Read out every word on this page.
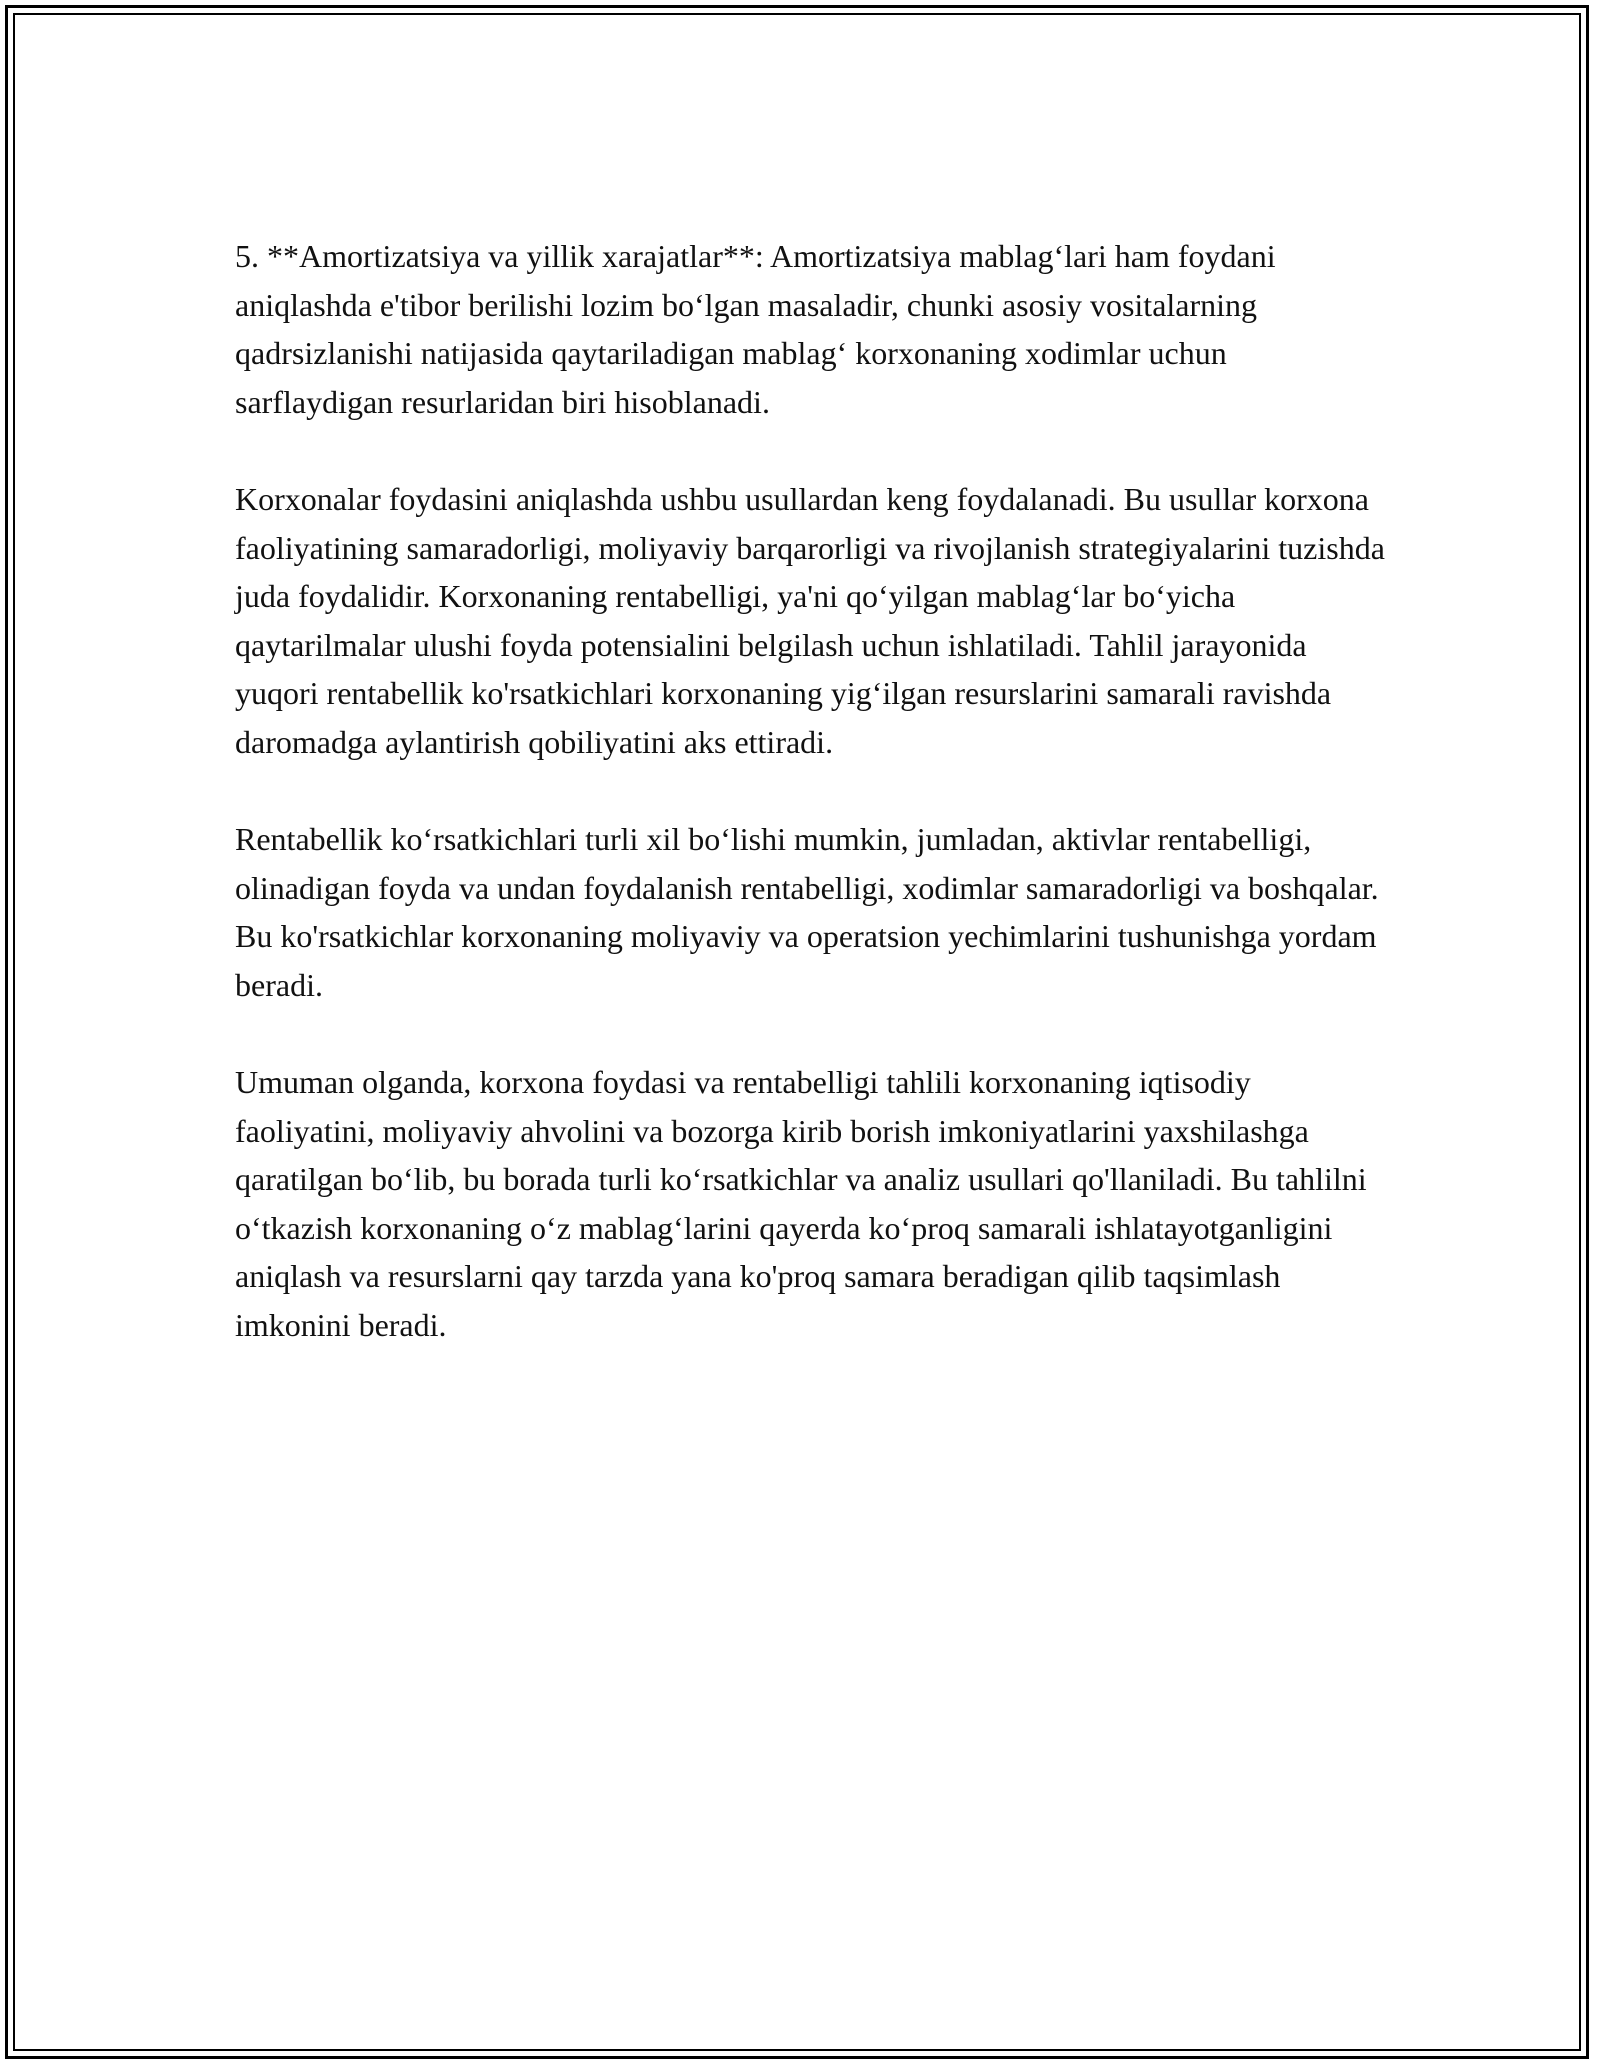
5. **Amortizatsiya va yillik xarajatlar**: Amortizatsiya mablag‘lari ham foydani aniqlashda e'tibor berilishi lozim bo‘lgan masaladir, chunki asosiy vositalarning qadrsizlanishi natijasida qaytariladigan mablag‘ korxonaning xodimlar uchun sarflaydigan resurlaridan biri hisoblanadi.

Korxonalar foydasini aniqlashda ushbu usullardan keng foydalanadi. Bu usullar korxona faoliyatining samaradorligi, moliyaviy barqarorligi va rivojlanish strategiyalarini tuzishda juda foydalidir. Korxonaning rentabelligi, ya'ni qo‘yilgan mablag‘lar bo‘yicha qaytarilmalar ulushi foyda potensialini belgilash uchun ishlatiladi. Tahlil jarayonida yuqori rentabellik ko'rsatkichlari korxonaning yig‘ilgan resurslarini samarali ravishda daromadga aylantirish qobiliyatini aks ettiradi.

Rentabellik ko‘rsatkichlari turli xil bo‘lishi mumkin, jumladan, aktivlar rentabelligi, olinadigan foyda va undan foydalanish rentabelligi, xodimlar samaradorligi va boshqalar. Bu ko'rsatkichlar korxonaning moliyaviy va operatsion yechimlarini tushunishga yordam beradi.

Umuman olganda, korxona foydasi va rentabelligi tahlili korxonaning iqtisodiy faoliyatini, moliyaviy ahvolini va bozorga kirib borish imkoniyatlarini yaxshilashga qaratilgan bo‘lib, bu borada turli ko‘rsatkichlar va analiz usullari qo'llaniladi. Bu tahlilni o‘tkazish korxonaning o‘z mablag‘larini qayerda ko‘proq samarali ishlatayotganligini aniqlash va resurslarni qay tarzda yana ko'proq samara beradigan qilib taqsimlash imkonini beradi.
